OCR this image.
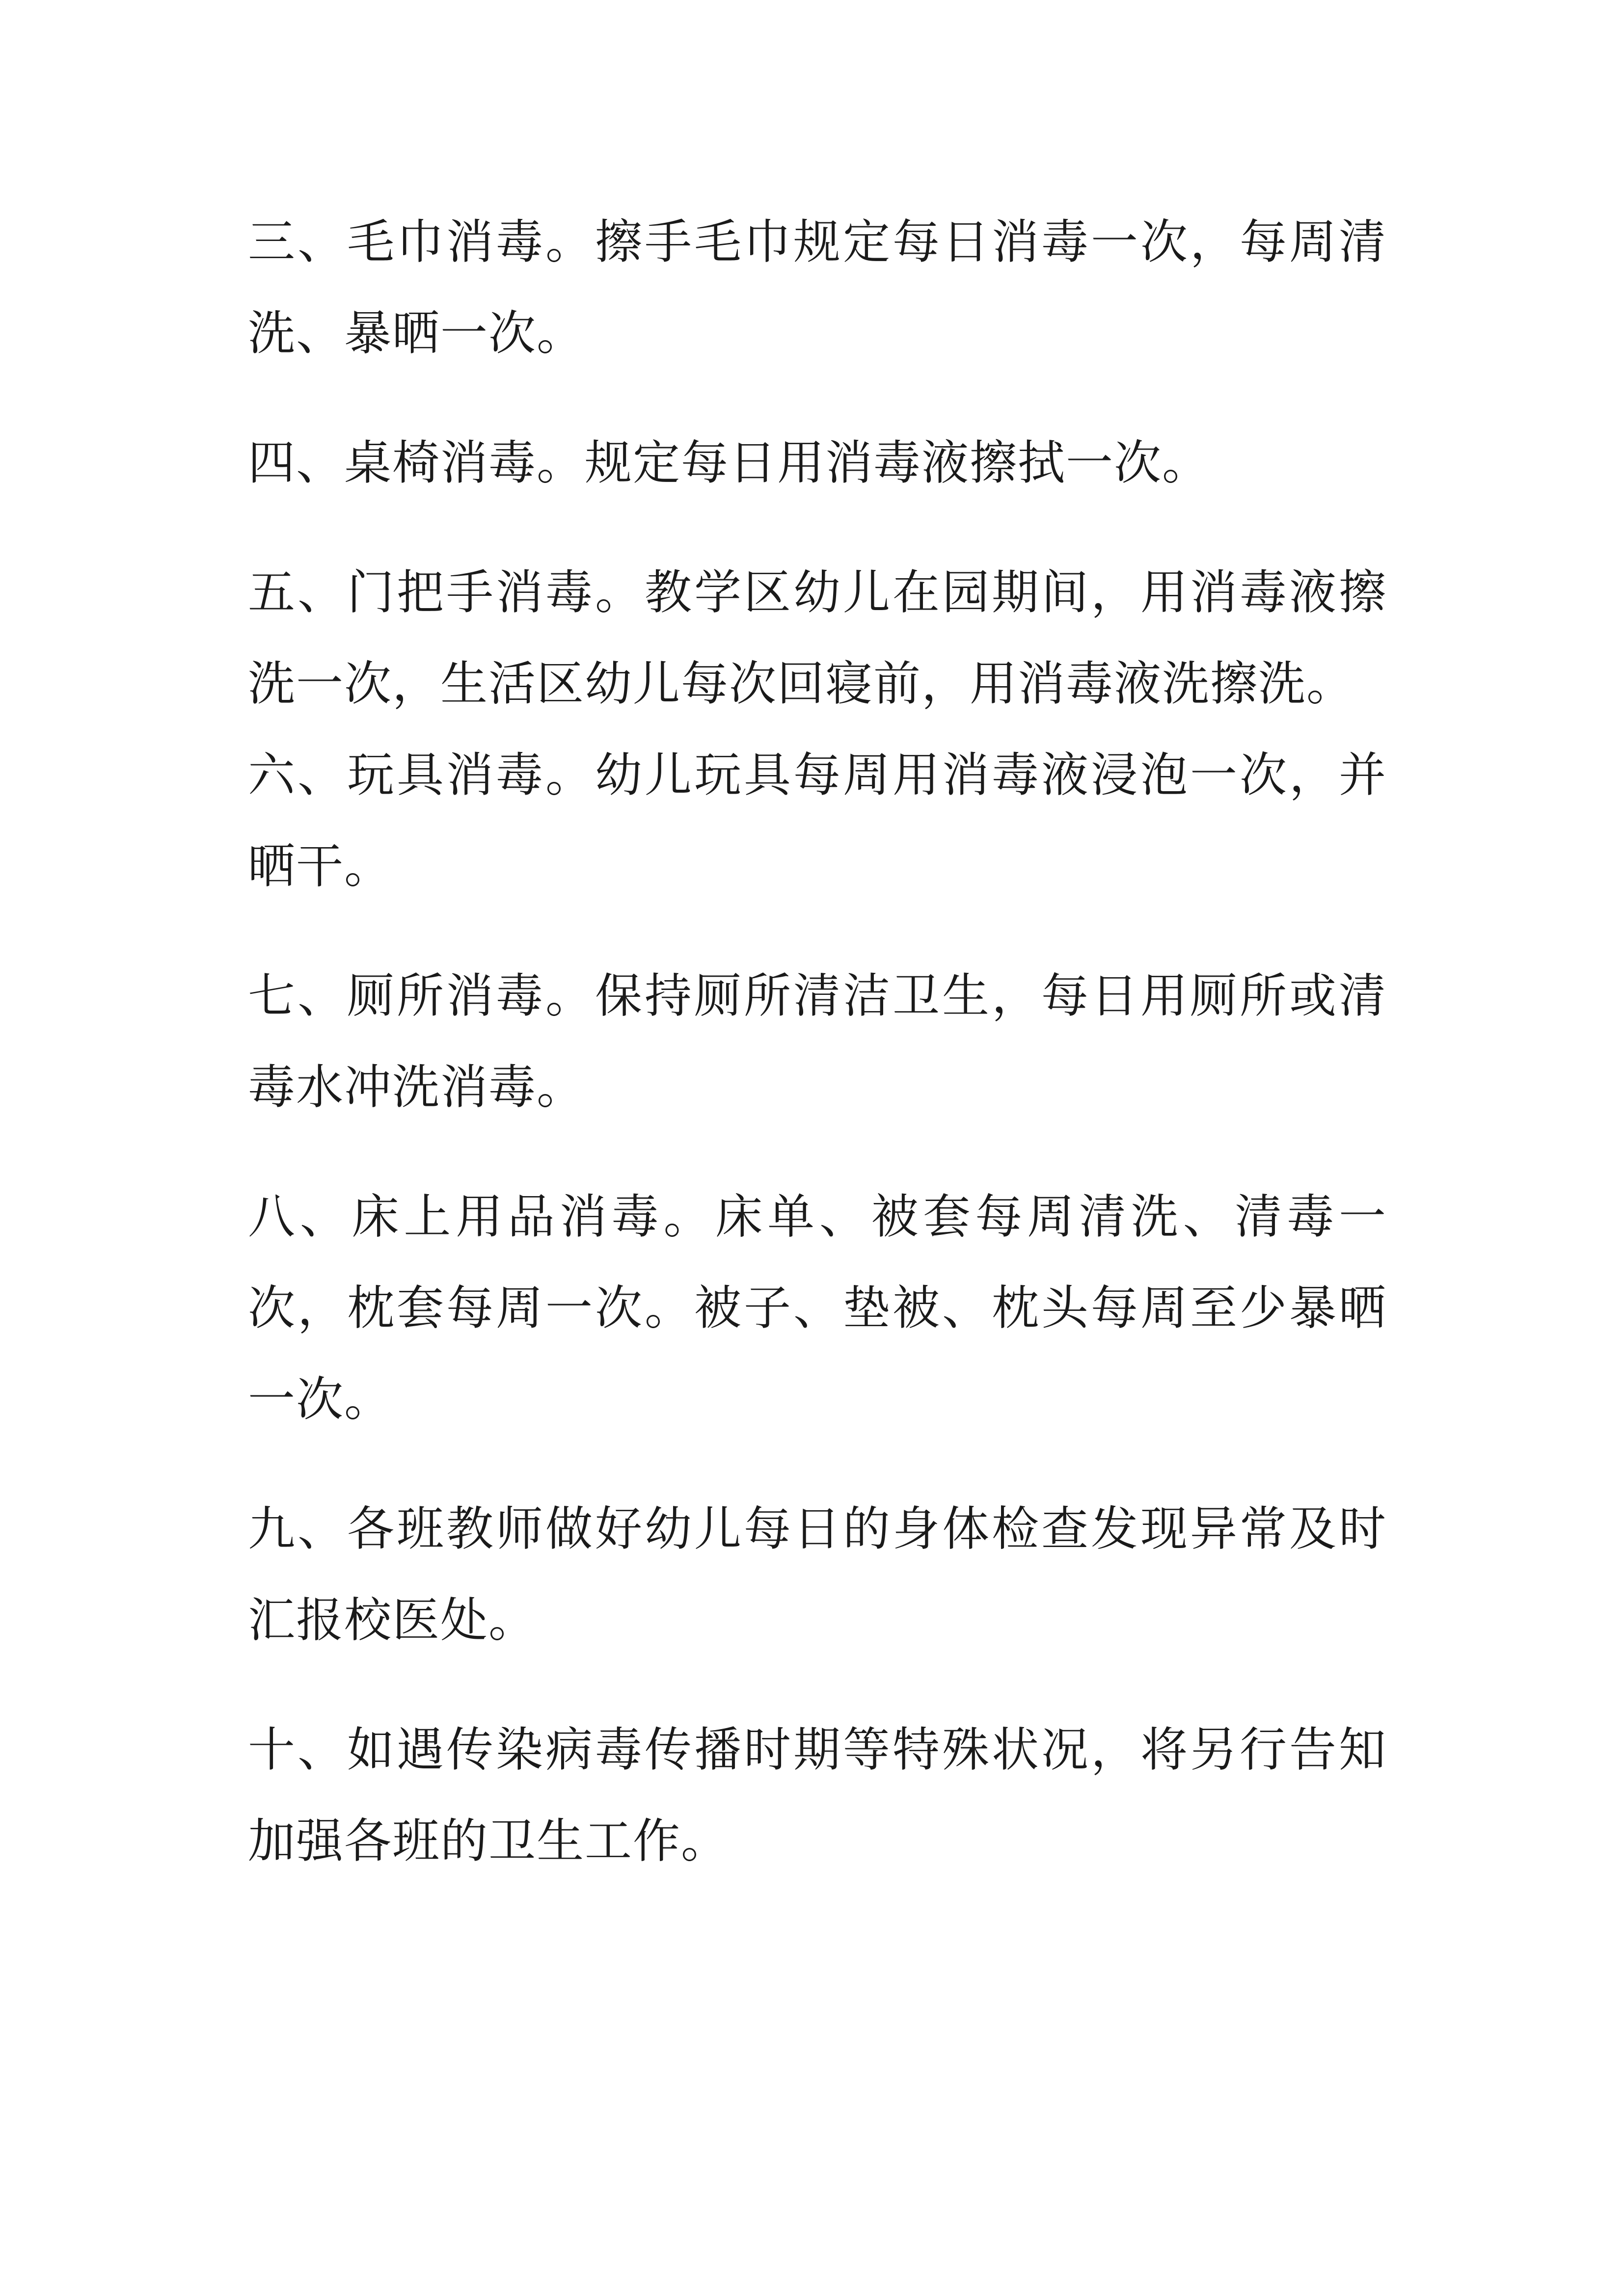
三、毛巾消毒。擦手毛巾规定每日消毒一次，每周清洗、暴晒一次。

四、桌椅消毒。规定每日用消毒液擦拭一次。

五、门把手消毒。教学区幼儿在园期间，用消毒液擦洗一次，生活区幼儿每次回寝前，用消毒液洗擦洗。

六、玩具消毒。幼儿玩具每周用消毒液浸泡一次，并晒干。

七、厕所消毒。保持厕所清洁卫生，每日用厕所或清毒水冲洗消毒。

八、床上用品消毒。床单、被套每周清洗、清毒一次，枕套每周一次。被子、垫被、枕头每周至少暴晒一次。

九、各班教师做好幼儿每日的身体检查发现异常及时汇报校医处。

十、如遇传染病毒传播时期等特殊状况，将另行告知加强各班的卫生工作。
